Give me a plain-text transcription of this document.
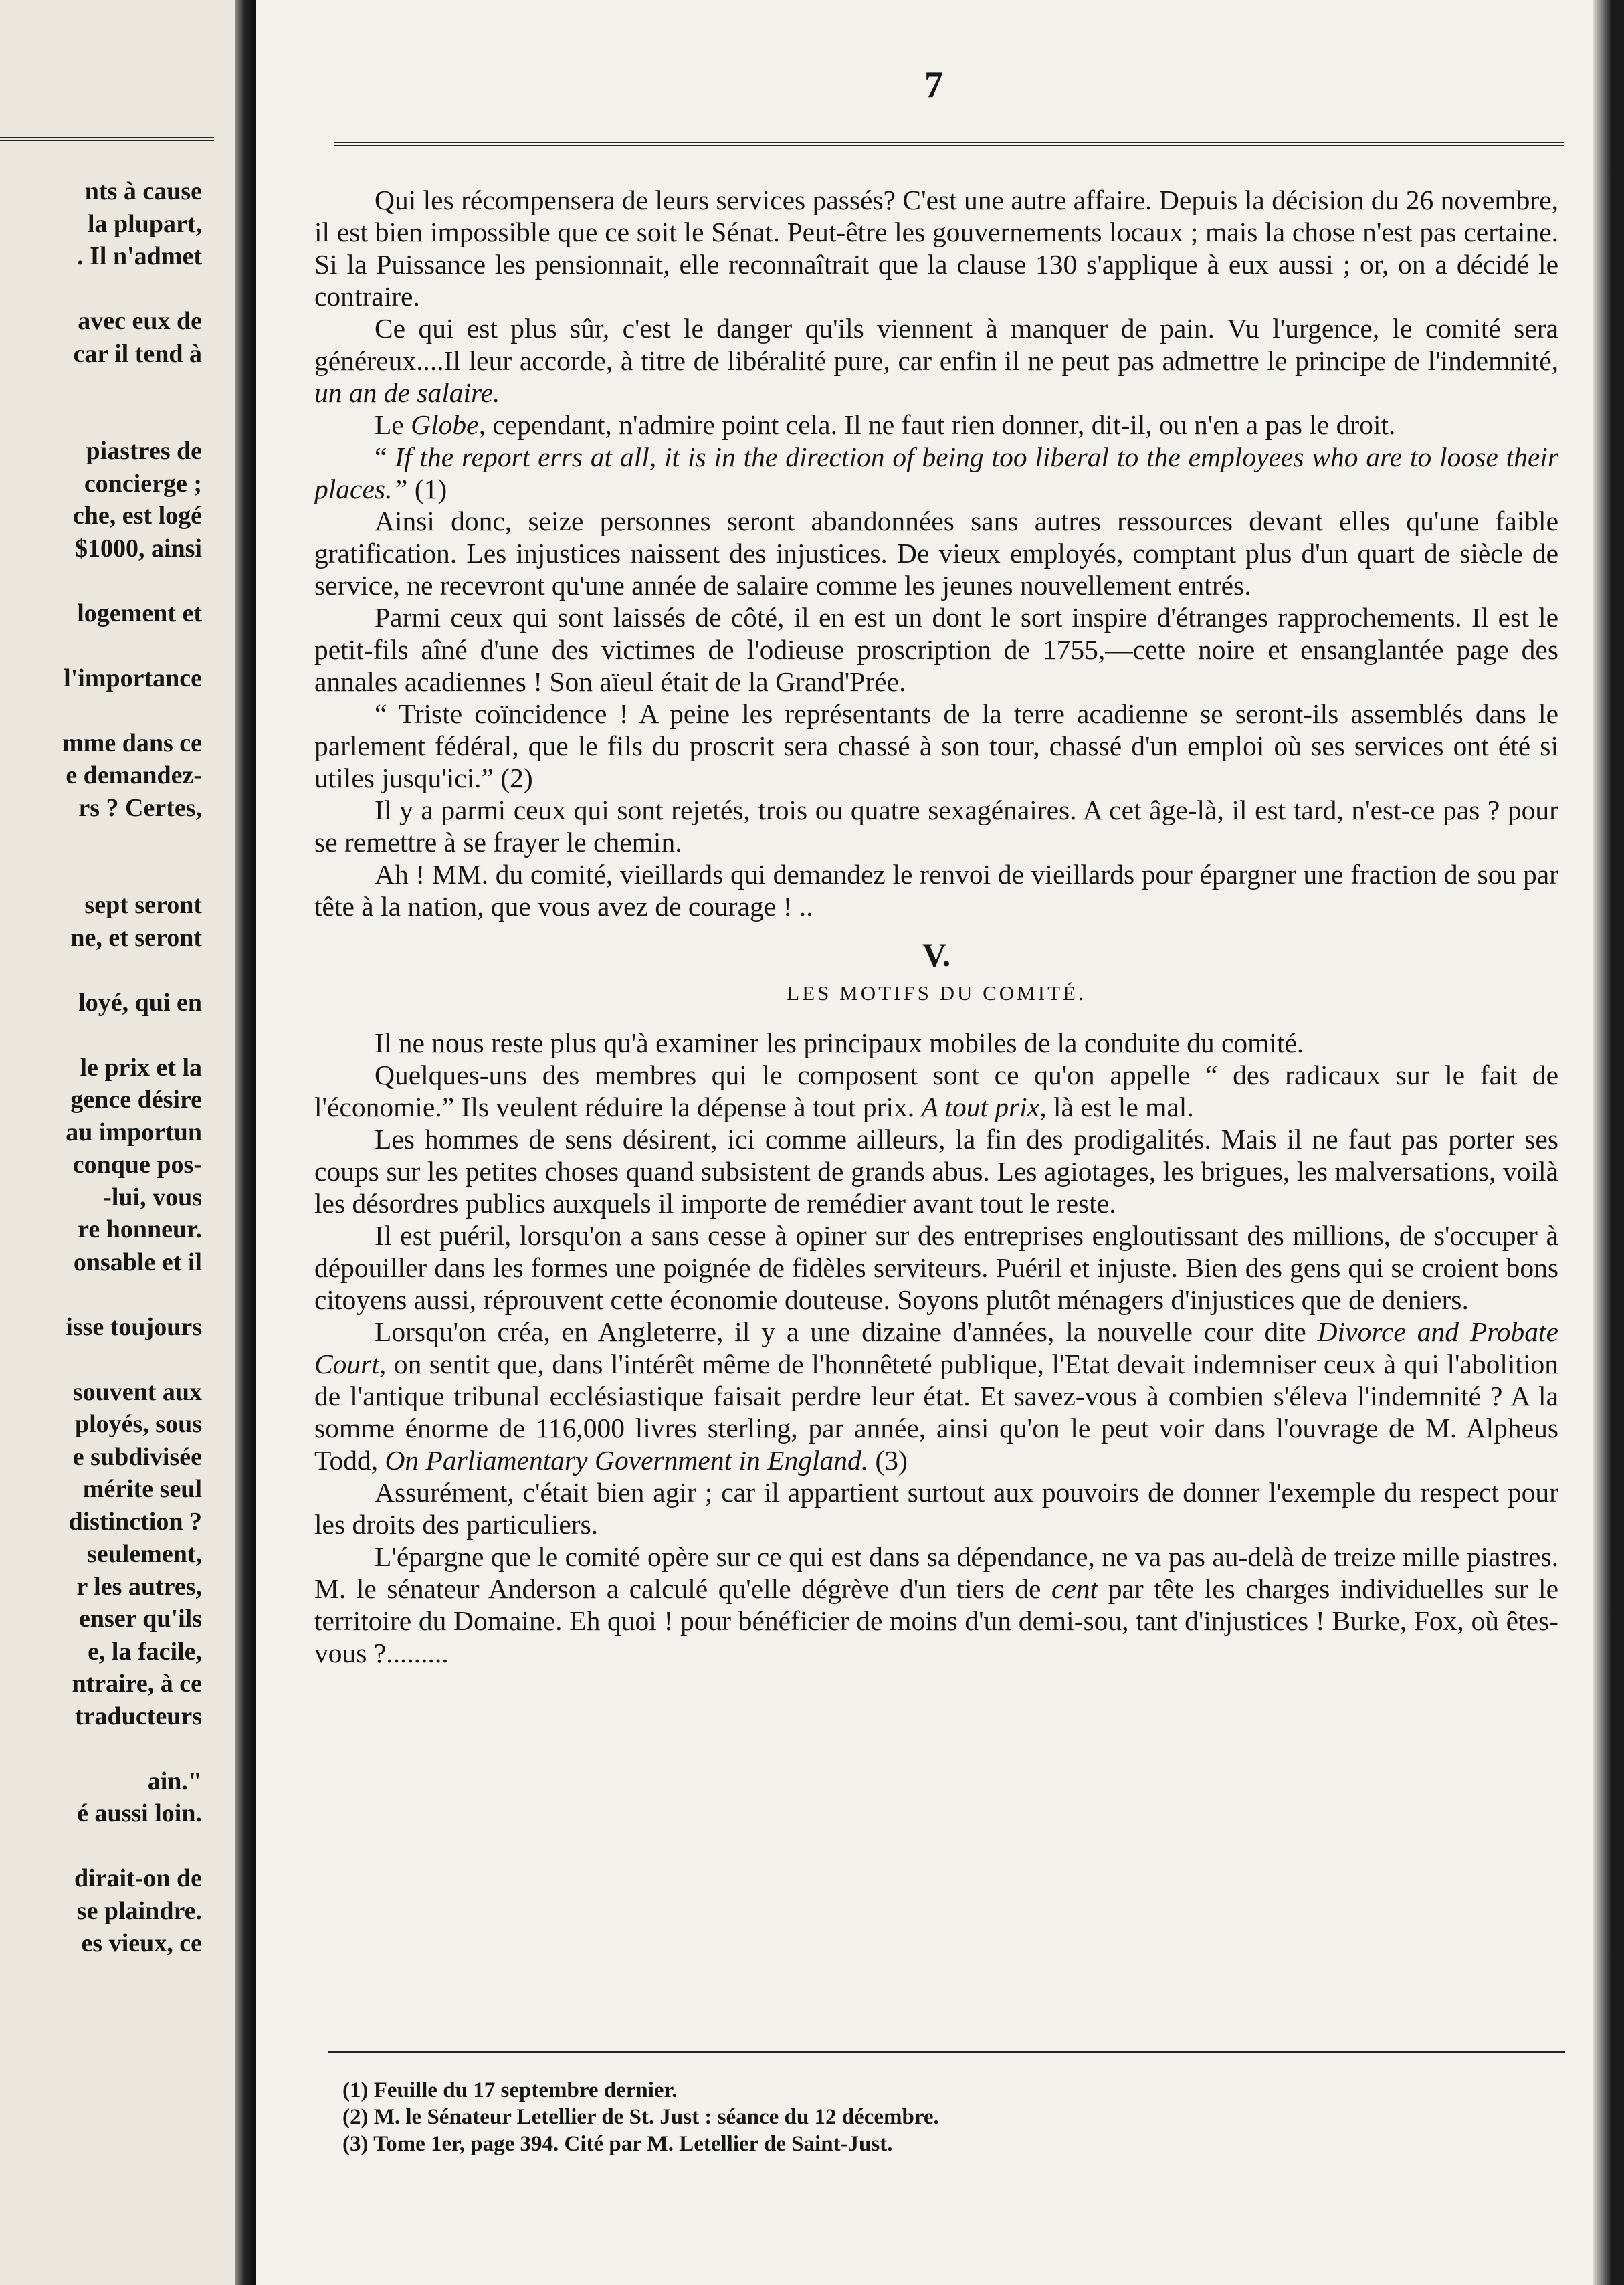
nts à cause
la plupart,
. Il n'admet
avec eux de
car il tend à
piastres de
concierge ;
che, est logé
$1000, ainsi
logement et
l'importance
mme dans ce
e demandez-
rs ? Certes,
sept seront
ne, et seront
loyé, qui en
le prix et la
gence désire
au importun
conque pos-
-lui, vous
re honneur.
onsable et il
isse toujours
souvent aux
ployés, sous
e subdivisée
mérite seul
distinction ?
seulement,
r les autres,
enser qu'ils
e, la facile,
ntraire, à ce
traducteurs
ain."
é aussi loin.
dirait-on de
se plaindre.
es vieux, ce
7

Qui les récompensera de leurs services passés? C'est une autre affaire. Depuis la décision du 26 novembre, il est bien impossible que ce soit le Sénat. Peut-être les gouvernements locaux ; mais la chose n'est pas certaine. Si la Puissance les pensionnait, elle reconnaîtrait que la clause 130 s'applique à eux aussi ; or, on a décidé le contraire.

Ce qui est plus sûr, c'est le danger qu'ils viennent à manquer de pain. Vu l'urgence, le comité sera généreux....Il leur accorde, à titre de libéralité pure, car enfin il ne peut pas admettre le principe de l'indemnité, un an de salaire.

Le Globe, cependant, n'admire point cela. Il ne faut rien donner, dit-il, ou n'en a pas le droit.

“ If the report errs at all, it is in the direction of being too liberal to the employees who are to loose their places.” (1)

Ainsi donc, seize personnes seront abandonnées sans autres ressources devant elles qu'une faible gratification. Les injustices naissent des injustices. De vieux employés, comptant plus d'un quart de siècle de service, ne recevront qu'une année de salaire comme les jeunes nouvellement entrés.

Parmi ceux qui sont laissés de côté, il en est un dont le sort inspire d'étranges rapprochements. Il est le petit-fils aîné d'une des victimes de l'odieuse proscription de 1755,—cette noire et ensanglantée page des annales acadiennes ! Son aïeul était de la Grand'Prée.

“ Triste coïncidence ! A peine les représentants de la terre acadienne se seront-ils assemblés dans le parlement fédéral, que le fils du proscrit sera chassé à son tour, chassé d'un emploi où ses services ont été si utiles jusqu'ici.” (2)

Il y a parmi ceux qui sont rejetés, trois ou quatre sexagénaires. A cet âge-là, il est tard, n'est-ce pas ? pour se remettre à se frayer le chemin.

Ah ! MM. du comité, vieillards qui demandez le renvoi de vieillards pour épargner une fraction de sou par tête à la nation, que vous avez de courage ! ..

V.
LES MOTIFS DU COMITÉ.

Il ne nous reste plus qu'à examiner les principaux mobiles de la conduite du comité.

Quelques-uns des membres qui le composent sont ce qu'on appelle “ des radicaux sur le fait de l'économie.” Ils veulent réduire la dépense à tout prix. A tout prix, là est le mal.

Les hommes de sens désirent, ici comme ailleurs, la fin des prodigalités. Mais il ne faut pas porter ses coups sur les petites choses quand subsistent de grands abus. Les agiotages, les brigues, les malversations, voilà les désordres publics auxquels il importe de remédier avant tout le reste.

Il est puéril, lorsqu'on a sans cesse à opiner sur des entreprises engloutissant des millions, de s'occuper à dépouiller dans les formes une poignée de fidèles serviteurs. Puéril et injuste. Bien des gens qui se croient bons citoyens aussi, réprouvent cette économie douteuse. Soyons plutôt ménagers d'injustices que de deniers.

Lorsqu'on créa, en Angleterre, il y a une dizaine d'années, la nouvelle cour dite Divorce and Probate Court, on sentit que, dans l'intérêt même de l'honnêteté publique, l'Etat devait indemniser ceux à qui l'abolition de l'antique tribunal ecclésiastique faisait perdre leur état. Et savez-vous à combien s'éleva l'indemnité ? A la somme énorme de 116,000 livres sterling, par année, ainsi qu'on le peut voir dans l'ouvrage de M. Alpheus Todd, On Parliamentary Government in England. (3)

Assurément, c'était bien agir ; car il appartient surtout aux pouvoirs de donner l'exemple du respect pour les droits des particuliers.

L'épargne que le comité opère sur ce qui est dans sa dépendance, ne va pas au-delà de treize mille piastres. M. le sénateur Anderson a calculé qu'elle dégrève d'un tiers de cent par tête les charges individuelles sur le territoire du Domaine. Eh quoi ! pour bénéficier de moins d'un demi-sou, tant d'injustices ! Burke, Fox, où êtes-vous ?.........

(1) Feuille du 17 septembre dernier.
(2) M. le Sénateur Letellier de St. Just : séance du 12 décembre.
(3) Tome 1er, page 394. Cité par M. Letellier de Saint-Just.
